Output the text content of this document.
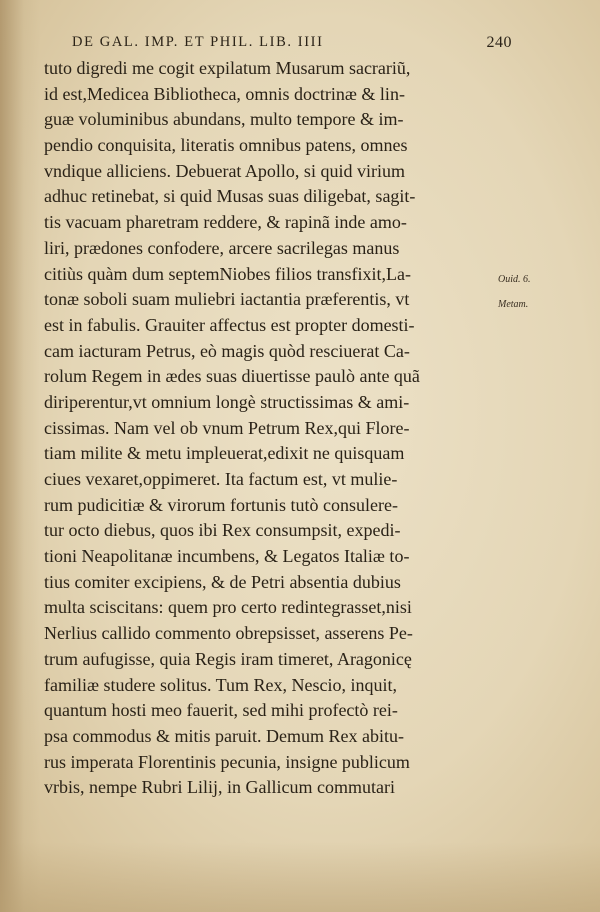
DE GAL. IMP. ET PHIL. LIB. IIII	240
tuto digredi me cogit expilatum Musarum sacrariũ,
id est,Medicea Bibliotheca, omnis doctrinæ & lin-
guæ voluminibus abundans, multo tempore & im-
pendio conquisita, literatis omnibus patens, omnes
vndique alliciens. Debuerat Apollo, si quid virium
adhuc retinebat, si quid Musas suas diligebat, sagit-
tis vacuam pharetram reddere, & rapinã inde amo-
liri, prædones confodere, arcere sacrilegas manus
citiùs quàm dum septemNiobes filios transfixit,La-
tonæ soboli suam muliebri iactantia præferentis, vt
est in fabulis. Grauiter affectus est propter domesti-
cam iacturam Petrus, eò magis quòd resciuerat Ca-
rolum Regem in ædes suas diuertisse paulò ante quã
diriperentur,vt omnium longè structissimas & ami-
cissimas. Nam vel ob vnum Petrum Rex,qui Flore-
tiam milite & metu impleuerat,edixit ne quisquam
ciues vexaret,oppimeret. Ita factum est, vt mulie-
rum pudicitiæ & virorum fortunis tutò consulere-
tur octo diebus, quos ibi Rex consumpsit, expedi-
tioni Neapolitanæ incumbens, & Legatos Italiæ to-
tius comiter excipiens, & de Petri absentia dubius
multa sciscitans: quem pro certo redintegrasset,nisi
Nerlius callido commento obrepsisset, asserens Pe-
trum aufugisse, quia Regis iram timeret, Aragonicę
familiæ studere solitus. Tum Rex, Nescio, inquit,
quantum hosti meo fauerit, sed mihi profectò rei-
psa commodus & mitis paruit. Demum Rex abitu-
rus imperata Florentinis pecunia, insigne publicum
vrbis, nempe Rubri Lilij, in Gallicum commutari
Ouid. 6.
Metam.
